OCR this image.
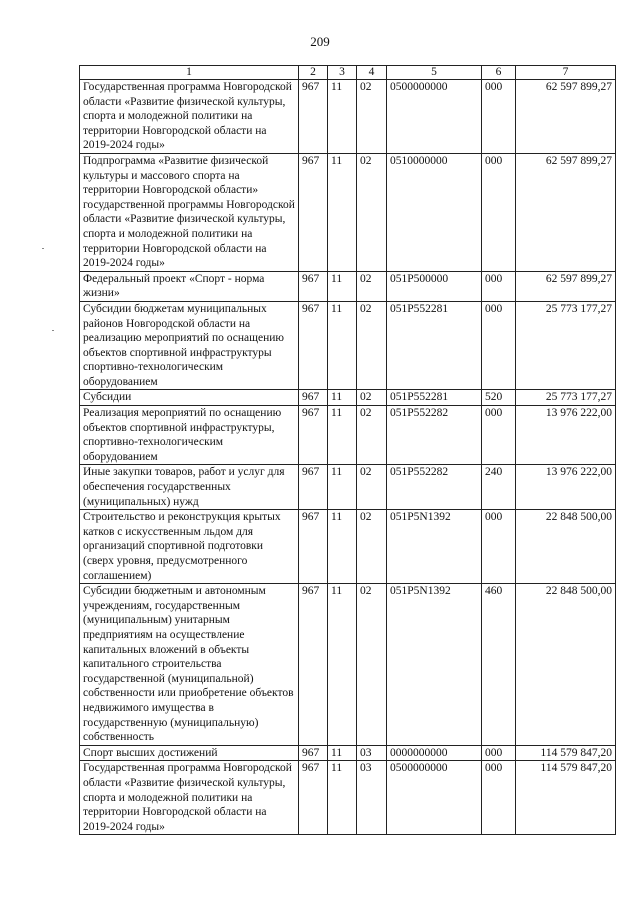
209
1	2	3	4	5	6	7
Государственная программа Новгородской области «Развитие физической культуры, спорта и молодежной политики на территории Новгородской области на 2019-2024 годы»	967	11	02	0500000000	000	62 597 899,27
Подпрограмма «Развитие физической культуры и массового спорта на территории Новгородской области» государственной программы Новгородской области «Развитие физической культуры, спорта и молодежной политики на территории Новгородской области на 2019-2024 годы»	967	11	02	0510000000	000	62 597 899,27
Федеральный проект «Спорт - норма жизни»	967	11	02	051P500000	000	62 597 899,27
Субсидии бюджетам муниципальных районов Новгородской области на реализацию мероприятий по оснащению объектов спортивной инфраструктуры спортивно-технологическим оборудованием	967	11	02	051P552281	000	25 773 177,27
Субсидии	967	11	02	051P552281	520	25 773 177,27
Реализация мероприятий по оснащению объектов спортивной инфраструктуры, спортивно-технологическим оборудованием	967	11	02	051P552282	000	13 976 222,00
Иные закупки товаров, работ и услуг для обеспечения государственных (муниципальных) нужд	967	11	02	051P552282	240	13 976 222,00
Строительство и реконструкция крытых катков с искусственным льдом для организаций спортивной подготовки (сверх уровня, предусмотренного соглашением)	967	11	02	051P5N1392	000	22 848 500,00
Субсидии бюджетным и автономным учреждениям, государственным (муниципальным) унитарным предприятиям на осуществление капитальных вложений в объекты капитального строительства государственной (муниципальной) собственности или приобретение объектов недвижимого имущества в государственную (муниципальную) собственность	967	11	02	051P5N1392	460	22 848 500,00
Спорт высших достижений	967	11	03	0000000000	000	114 579 847,20
Государственная программа Новгородской области «Развитие физической культуры, спорта и молодежной политики на территории Новгородской области на 2019-2024 годы»	967	11	03	0500000000	000	114 579 847,20
